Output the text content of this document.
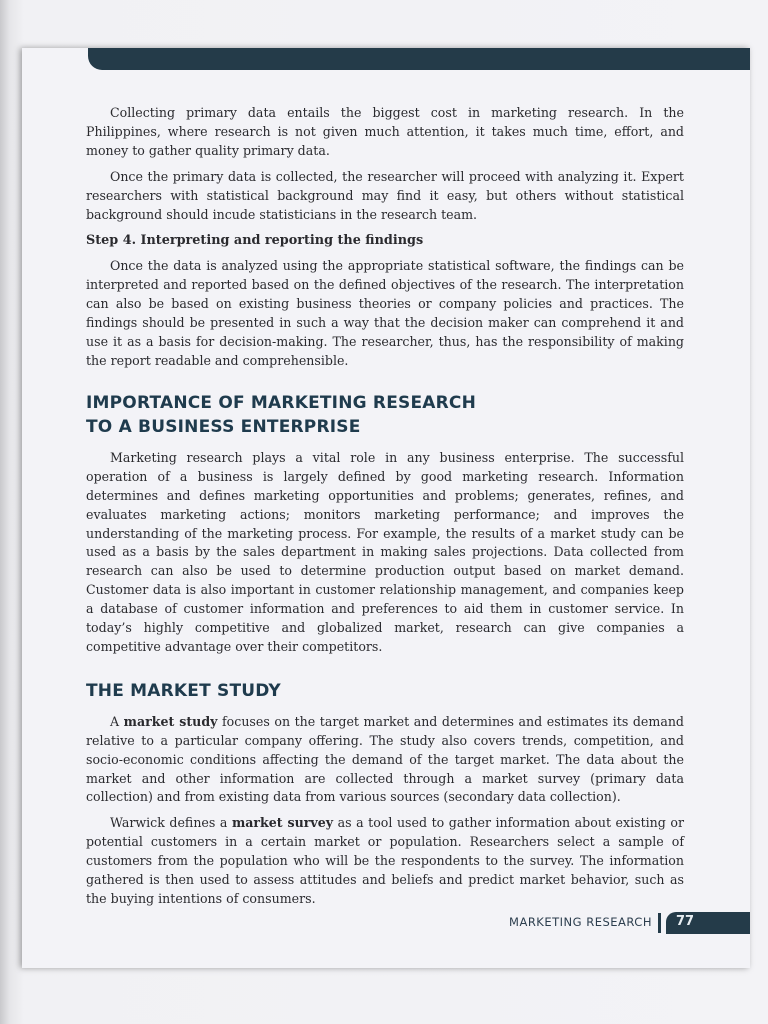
Collecting primary data entails the biggest cost in marketing research. In the Philippines, where research is not given much attention, it takes much time, effort, and money to gather quality primary data.

Once the primary data is collected, the researcher will proceed with analyzing it. Expert researchers with statistical background may find it easy, but others without statistical background should incude statisticians in the research team.

Step 4. Interpreting and reporting the findings

Once the data is analyzed using the appropriate statistical software, the findings can be interpreted and reported based on the defined objectives of the research. The interpretation can also be based on existing business theories or company policies and practices. The findings should be presented in such a way that the decision maker can comprehend it and use it as a basis for decision-making. The researcher, thus, has the responsibility of making the report readable and comprehensible.

IMPORTANCE OF MARKETING RESEARCH

TO A BUSINESS ENTERPRISE

Marketing research plays a vital role in any business enterprise. The successful operation of a business is largely defined by good marketing research. Information determines and defines marketing opportunities and problems; generates, refines, and evaluates marketing actions; monitors marketing performance; and improves the understanding of the marketing process. For example, the results of a market study can be used as a basis by the sales department in making sales projections. Data collected from research can also be used to determine production output based on market demand. Customer data is also important in customer relationship management, and companies keep a database of customer information and preferences to aid them in customer service. In today’s highly competitive and globalized market, research can give companies a competitive advantage over their competitors.

THE MARKET STUDY

A market study focuses on the target market and determines and estimates its demand relative to a particular company offering. The study also covers trends, competition, and socio-economic conditions affecting the demand of the target market. The data about the market and other information are collected through a market survey (primary data collection) and from existing data from various sources (secondary data collection).

Warwick defines a market survey as a tool used to gather information about existing or potential customers in a certain market or population. Researchers select a sample of customers from the population who will be the respondents to the survey. The information gathered is then used to assess attitudes and beliefs and predict market behavior, such as the buying intentions of consumers.

MARKETING RESEARCH 77
